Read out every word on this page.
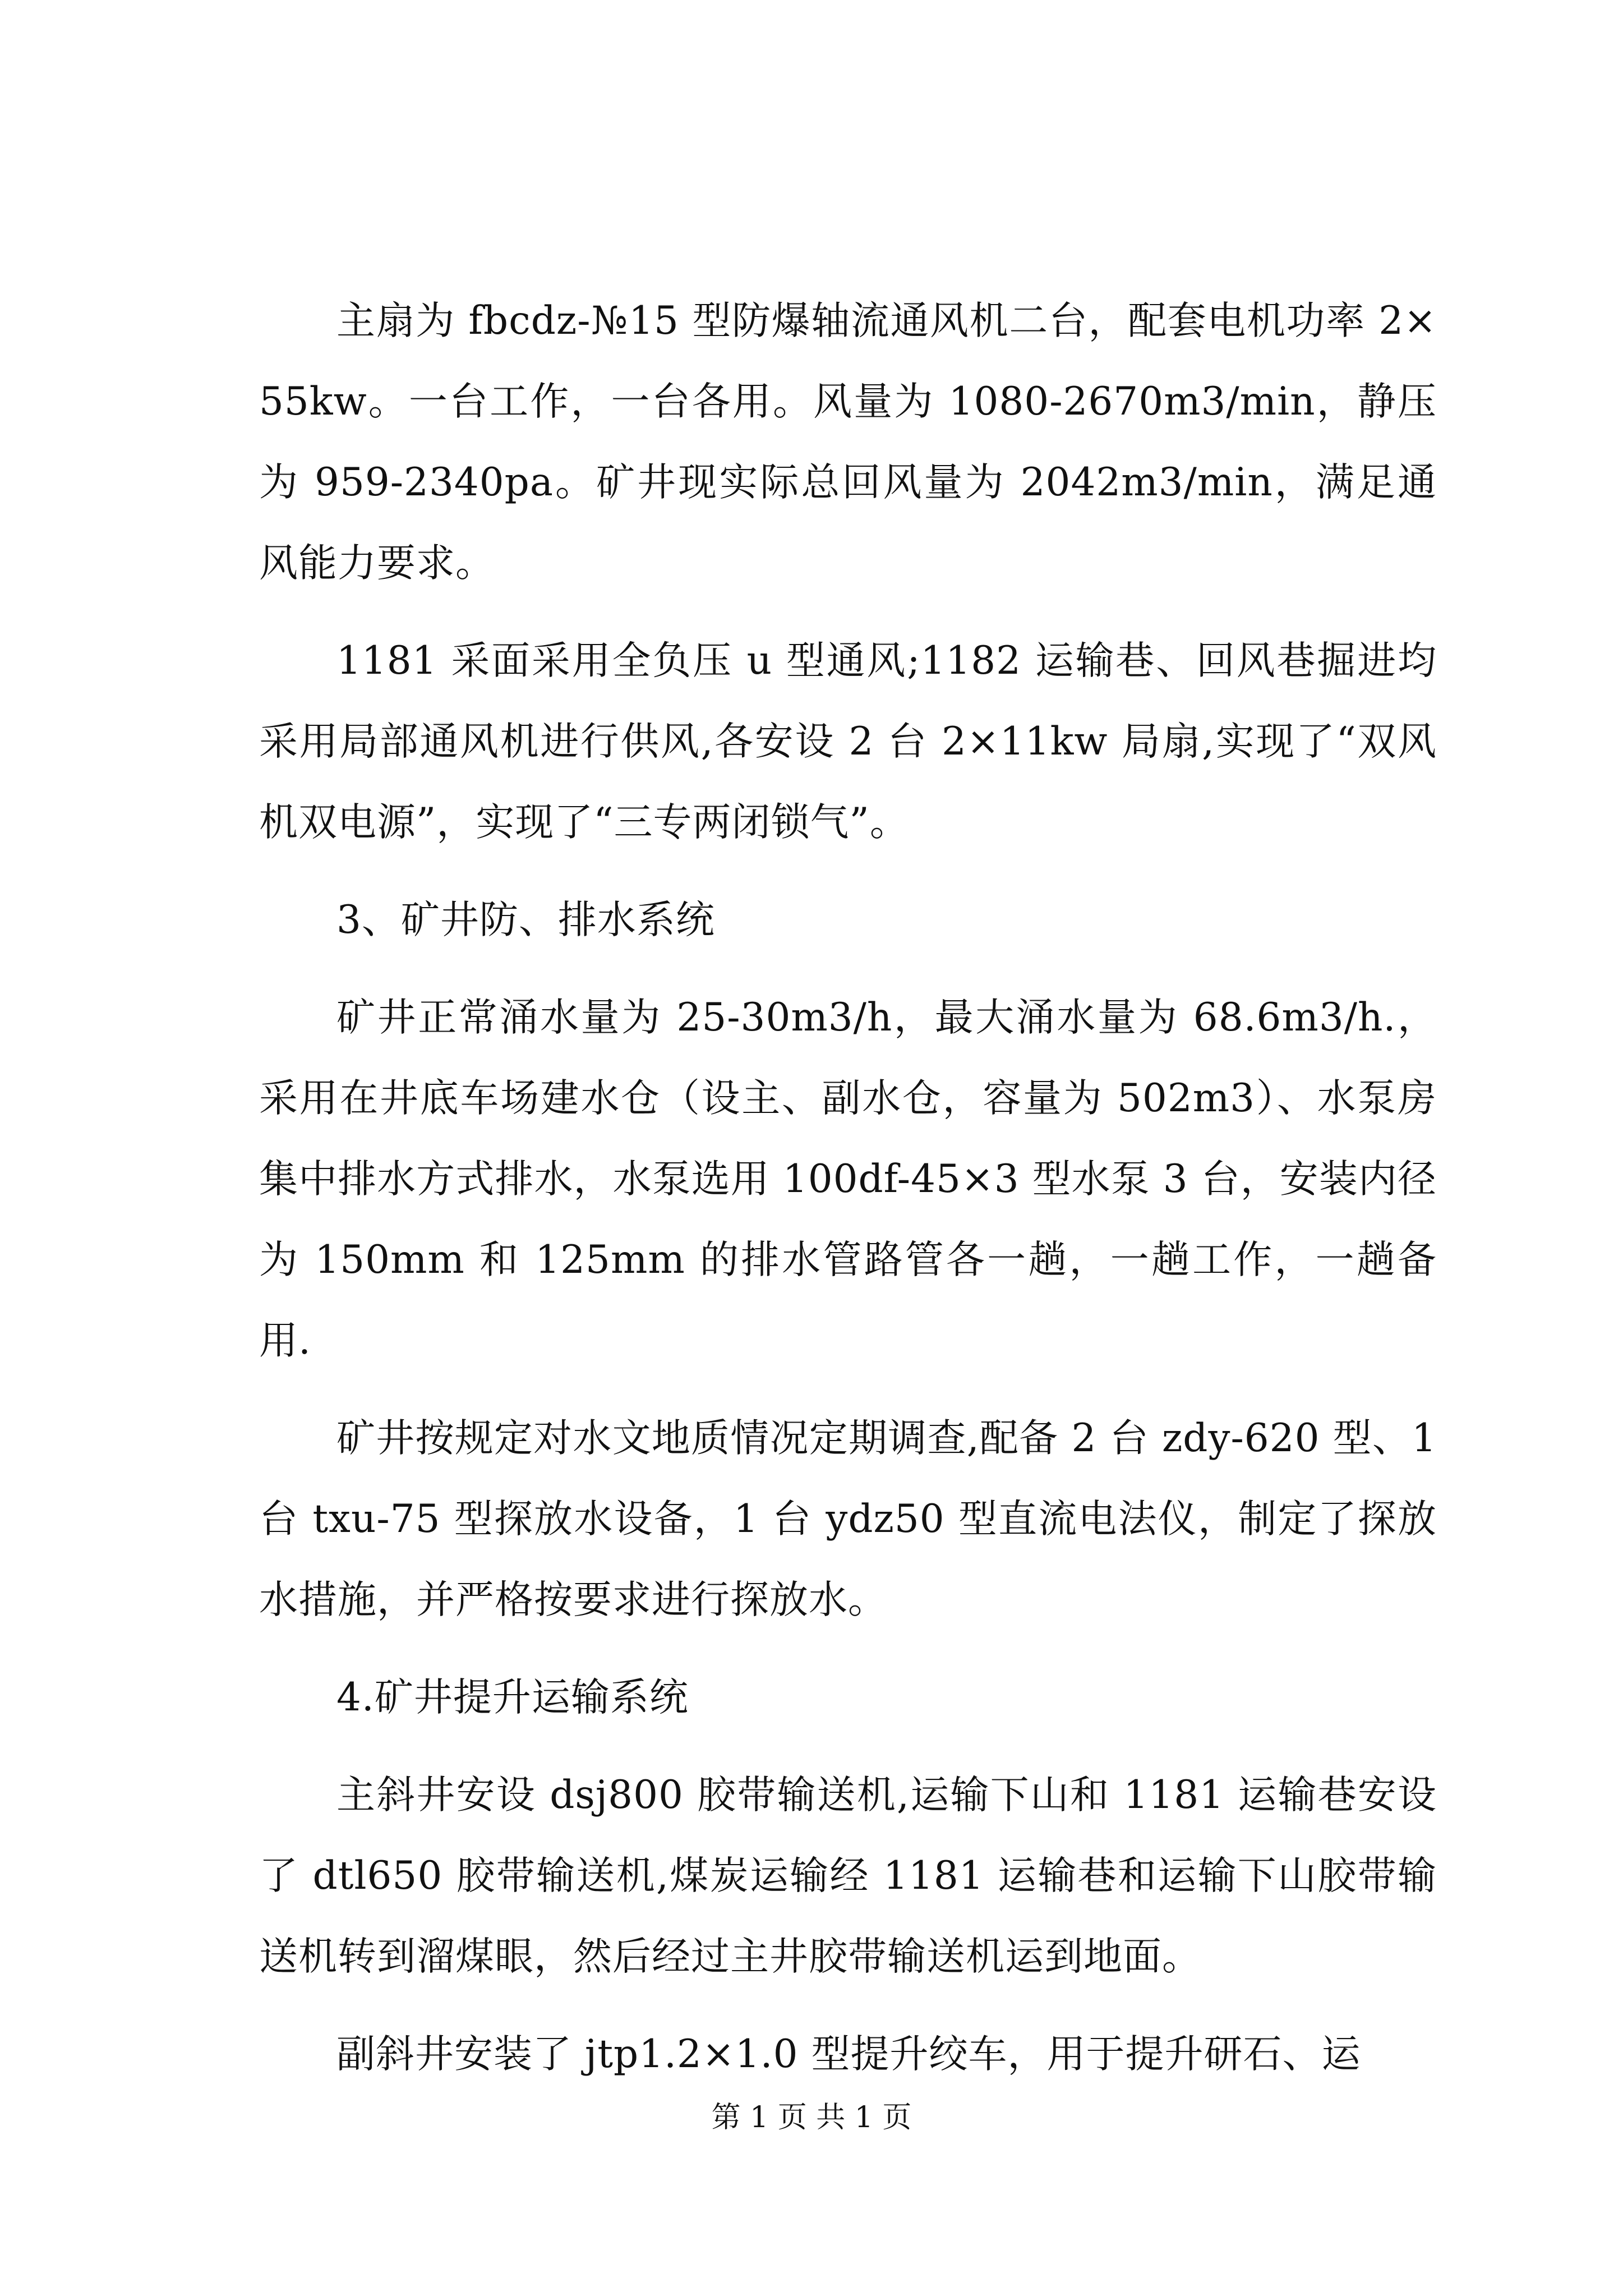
主扇为 fbcdz-№15 型防爆轴流通风机二台，配套电机功率 2×55kw。一台工作，一台各用。风量为 1080-2670m3/min，静压为 959-2340pa。矿井现实际总回风量为 2042m3/min，满足通风能力要求。

1181 采面采用全负压 u 型通风;1182 运输巷、回风巷掘进均采用局部通风机进行供风,各安设 2 台 2×11kw 局扇,实现了“双风机双电源”，实现了“三专两闭锁气”。

3、矿井防、排水系统

矿井正常涌水量为 25-30m3/h，最大涌水量为 68.6m3/h.，采用在井底车场建水仓（设主、副水仓，容量为 502m3）、水泵房集中排水方式排水，水泵选用 100df-45×3 型水泵 3 台，安装内径为 150mm 和 125mm 的排水管路管各一趟，一趟工作，一趟备用.

矿井按规定对水文地质情况定期调查,配备 2 台 zdy-620 型、1 台 txu-75 型探放水设备，1 台 ydz50 型直流电法仪，制定了探放水措施，并严格按要求进行探放水。

4.矿井提升运输系统

主斜井安设 dsj800 胶带输送机,运输下山和 1181 运输巷安设了 dtl650 胶带输送机,煤炭运输经 1181 运输巷和运输下山胶带输送机转到溜煤眼，然后经过主井胶带输送机运到地面。

副斜井安装了 jtp1.2×1.0 型提升绞车，用于提升研石、运

第 1 页 共 1 页
